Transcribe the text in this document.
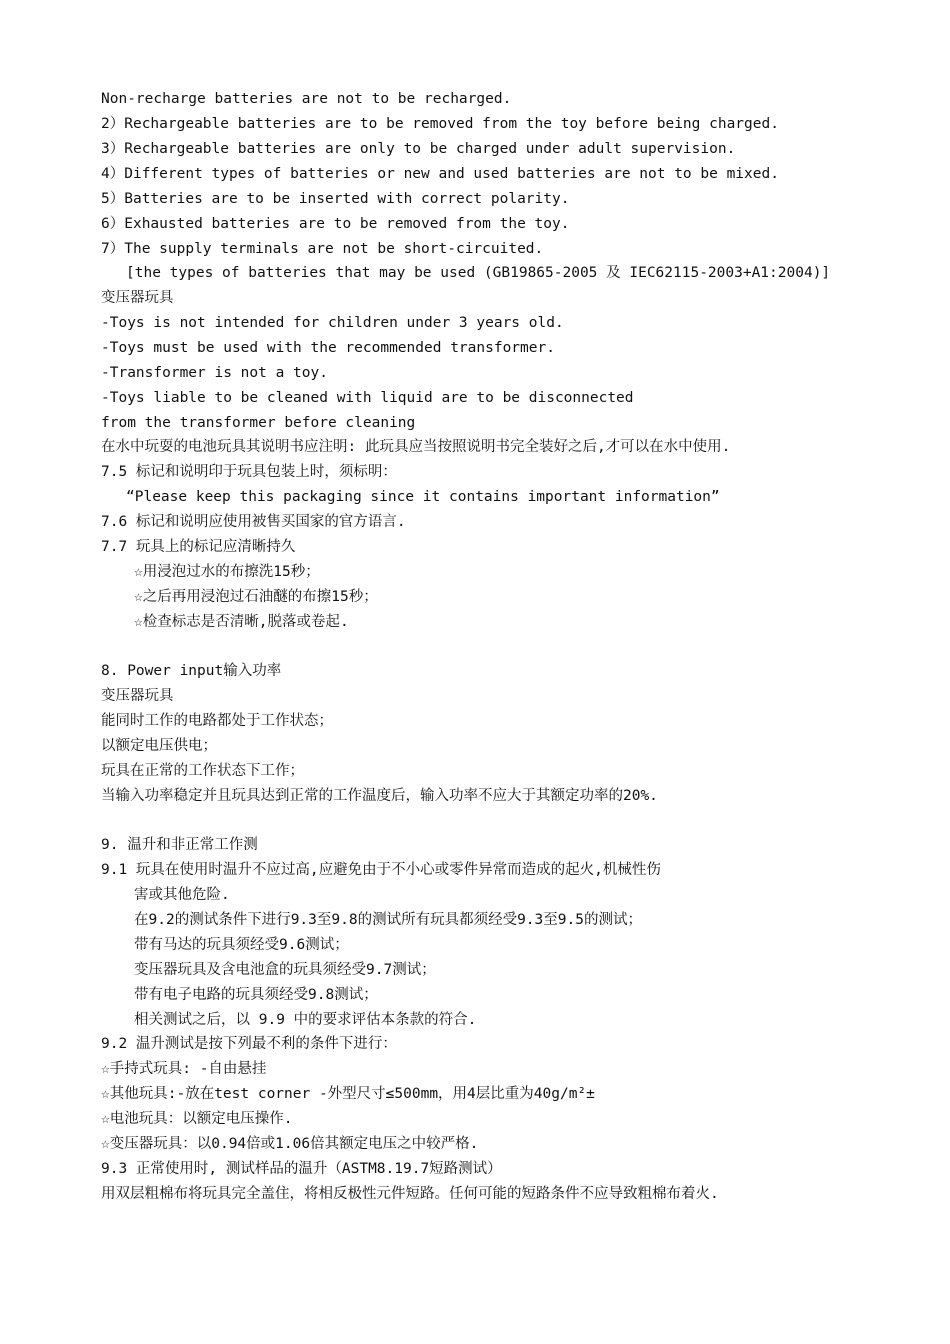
Non-recharge batteries are not to be recharged.
2）Rechargeable batteries are to be removed from the toy before being charged.
3）Rechargeable batteries are only to be charged under adult supervision.
4）Different types of batteries or new and used batteries are not to be mixed.
5）Batteries are to be inserted with correct polarity.
6）Exhausted batteries are to be removed from the toy.
7）The supply terminals are not be short-circuited.
[the types of batteries that may be used (GB19865-2005 及 IEC62115-2003+A1:2004)]
变压器玩具
-Toys is not intended for children under 3 years old.
-Toys must be used with the recommended transformer.
-Transformer is not a toy.
-Toys liable to be cleaned with liquid are to be disconnected
from the transformer before cleaning
在水中玩耍的电池玩具其说明书应注明: 此玩具应当按照说明书完全装好之后,才可以在水中使用.
7.5 标记和说明印于玩具包装上时，须标明：
“Please keep this packaging since it contains important information”
7.6 标记和说明应使用被售买国家的官方语言.
7.7 玩具上的标记应清晰持久
☆用浸泡过水的布擦洗15秒；
☆之后再用浸泡过石油醚的布擦15秒；
☆检查标志是否清晰,脱落或卷起.
8. Power input输入功率
变压器玩具
能同时工作的电路都处于工作状态；
以额定电压供电；
玩具在正常的工作状态下工作；
当输入功率稳定并且玩具达到正常的工作温度后，输入功率不应大于其额定功率的20%.
9. 温升和非正常工作测
9.1 玩具在使用时温升不应过高,应避免由于不小心或零件异常而造成的起火,机械性伤
害或其他危险.
在9.2的测试条件下进行9.3至9.8的测试所有玩具都须经受9.3至9.5的测试；
带有马达的玩具须经受9.6测试；
变压器玩具及含电池盒的玩具须经受9.7测试；
带有电子电路的玩具须经受9.8测试；
相关测试之后，以 9.9 中的要求评估本条款的符合.
9.2 温升测试是按下列最不利的条件下进行：
☆手持式玩具: -自由悬挂
☆其他玩具:-放在test corner -外型尺寸≤500mm，用4层比重为40g/m²±
☆电池玩具：以额定电压操作.
☆变压器玩具：以0.94倍或1.06倍其额定电压之中较严格.
9.3 正常使用时, 测试样品的温升（ASTM8.19.7短路测试）
用双层粗棉布将玩具完全盖住，将相反极性元件短路。任何可能的短路条件不应导致粗棉布着火.
